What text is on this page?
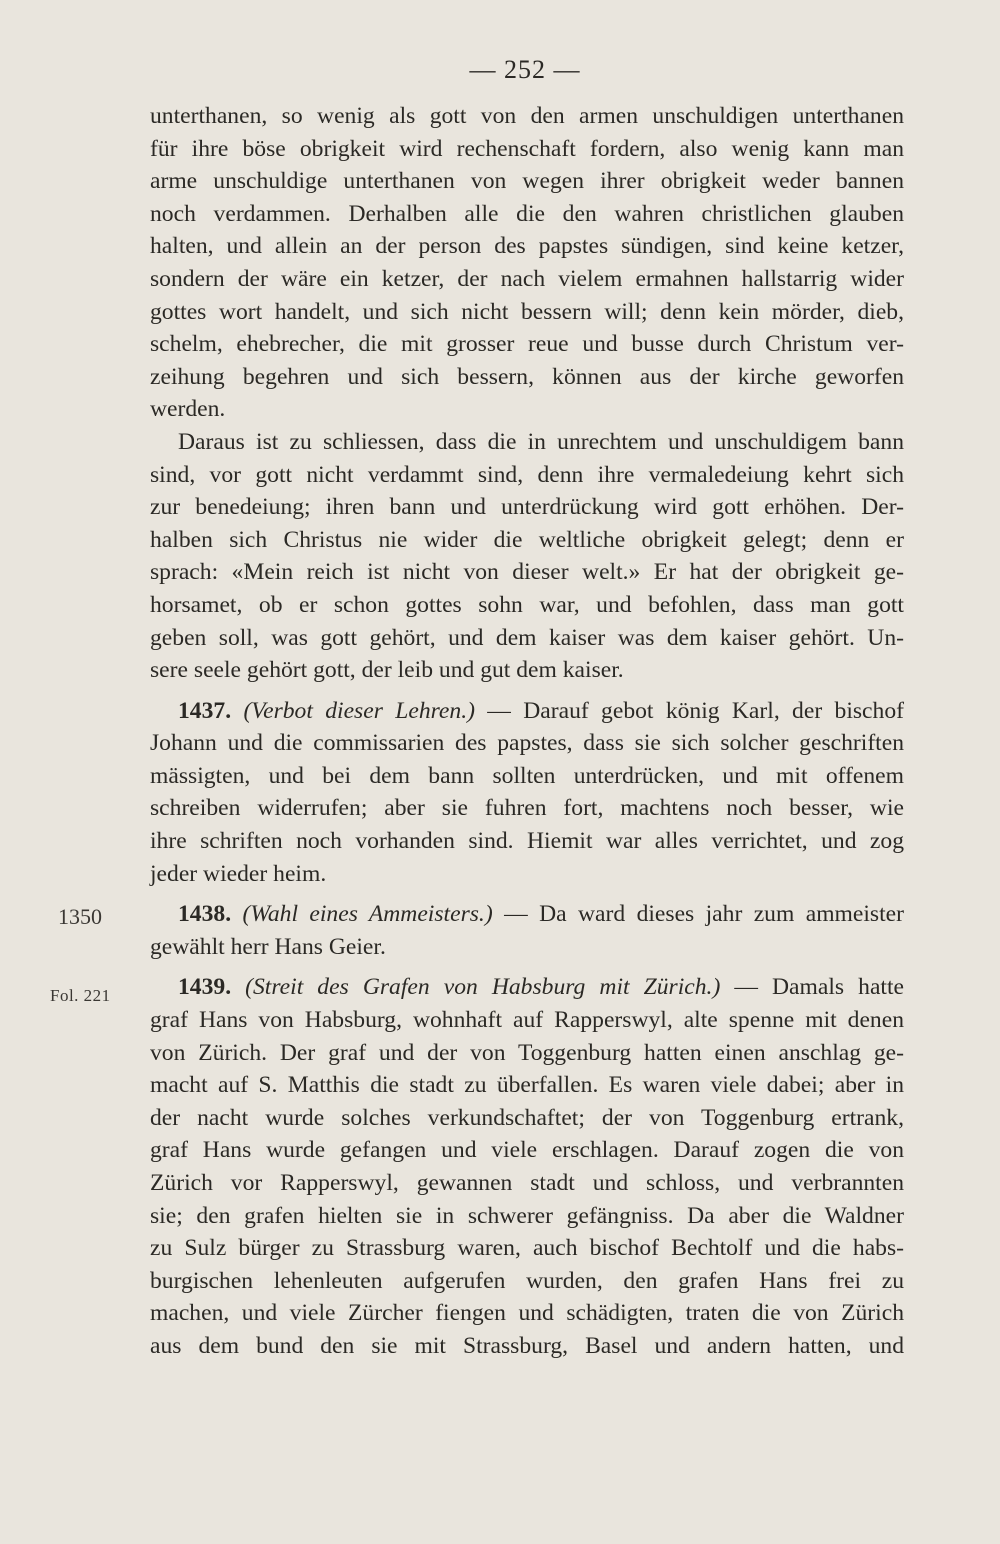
— 252 —
1350
Fol. 221
unterthanen, so wenig als gott von den armen unschuldigen unterthanen
für ihre böse obrigkeit wird rechenschaft fordern, also wenig kann man
arme unschuldige unterthanen von wegen ihrer obrigkeit weder bannen
noch verdammen. Derhalben alle die den wahren christlichen glauben
halten, und allein an der person des papstes sündigen, sind keine ketzer,
sondern der wäre ein ketzer, der nach vielem ermahnen hallstarrig wider
gottes wort handelt, und sich nicht bessern will; denn kein mörder, dieb,
schelm, ehebrecher, die mit grosser reue und busse durch Christum ver-
zeihung begehren und sich bessern, können aus der kirche geworfen
werden.
Daraus ist zu schliessen, dass die in unrechtem und unschuldigem bann
sind, vor gott nicht verdammt sind, denn ihre vermaledeiung kehrt sich
zur benedeiung; ihren bann und unterdrückung wird gott erhöhen. Der-
halben sich Christus nie wider die weltliche obrigkeit gelegt; denn er
sprach: «Mein reich ist nicht von dieser welt.» Er hat der obrigkeit ge-
horsamet, ob er schon gottes sohn war, und befohlen, dass man gott
geben soll, was gott gehört, und dem kaiser was dem kaiser gehört. Un-
sere seele gehört gott, der leib und gut dem kaiser.
1437. (Verbot dieser Lehren.) — Darauf gebot könig Karl, der bischof
Johann und die commissarien des papstes, dass sie sich solcher geschriften
mässigten, und bei dem bann sollten unterdrücken, und mit offenem
schreiben widerrufen; aber sie fuhren fort, machtens noch besser, wie
ihre schriften noch vorhanden sind. Hiemit war alles verrichtet, und zog
jeder wieder heim.
1438. (Wahl eines Ammeisters.) — Da ward dieses jahr zum ammeister
gewählt herr Hans Geier.
1439. (Streit des Grafen von Habsburg mit Zürich.) — Damals hatte
graf Hans von Habsburg, wohnhaft auf Rapperswyl, alte spenne mit denen
von Zürich. Der graf und der von Toggenburg hatten einen anschlag ge-
macht auf S. Matthis die stadt zu überfallen. Es waren viele dabei; aber in
der nacht wurde solches verkundschaftet; der von Toggenburg ertrank,
graf Hans wurde gefangen und viele erschlagen. Darauf zogen die von
Zürich vor Rapperswyl, gewannen stadt und schloss, und verbrannten
sie; den grafen hielten sie in schwerer gefängniss. Da aber die Waldner
zu Sulz bürger zu Strassburg waren, auch bischof Bechtolf und die habs-
burgischen lehenleuten aufgerufen wurden, den grafen Hans frei zu
machen, und viele Zürcher fiengen und schädigten, traten die von Zürich
aus dem bund den sie mit Strassburg, Basel und andern hatten, und
